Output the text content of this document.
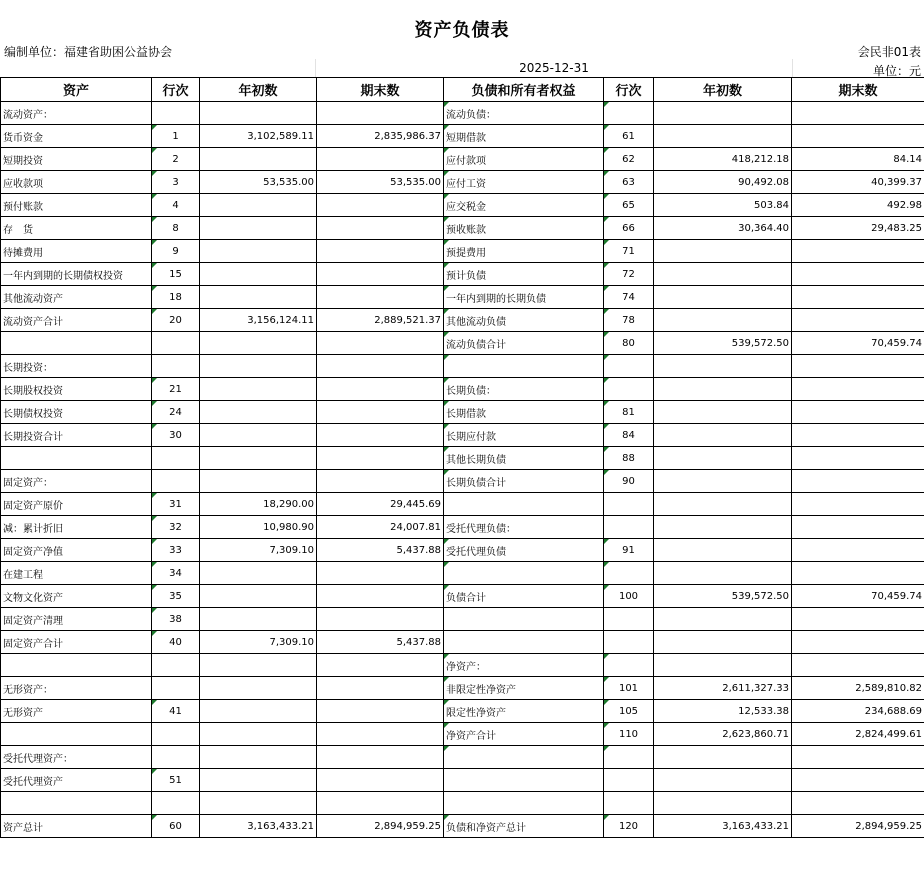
资产负债表
编制单位：福建省助困公益协会	会民非01表
2025-12-31	单位：元
资产	行次	年初数	期末数	负债和所有者权益	行次	年初数	期末数
流动资产：				流动负债：			
货币资金	1	3,102,589.11	2,835,986.37	短期借款	61		
短期投资	2			应付款项	62	418,212.18	84.14
应收款项	3	53,535.00	53,535.00	应付工资	63	90,492.08	40,399.37
预付账款	4			应交税金	65	503.84	492.98
存　货	8			预收账款	66	30,364.40	29,483.25
待摊费用	9			预提费用	71		
一年内到期的长期债权投资	15			预计负债	72		
其他流动资产	18			一年内到期的长期负债	74		
流动资产合计	20	3,156,124.11	2,889,521.37	其他流动负债	78		
				流动负债合计	80	539,572.50	70,459.74
长期投资：							
长期股权投资	21			长期负债：			
长期债权投资	24			长期借款	81		
长期投资合计	30			长期应付款	84		
				其他长期负债	88		
固定资产：				长期负债合计	90		
固定资产原价	31	18,290.00	29,445.69				
减：累计折旧	32	10,980.90	24,007.81	受托代理负债：			
固定资产净值	33	7,309.10	5,437.88	受托代理负债	91		
在建工程	34						
文物文化资产	35			负债合计	100	539,572.50	70,459.74
固定资产清理	38						
固定资产合计	40	7,309.10	5,437.88				
				净资产：			
无形资产：				非限定性净资产	101	2,611,327.33	2,589,810.82
无形资产	41			限定性净资产	105	12,533.38	234,688.69
				净资产合计	110	2,623,860.71	2,824,499.61
受托代理资产：							
受托代理资产	51						

资产总计	60	3,163,433.21	2,894,959.25	负债和净资产总计	120	3,163,433.21	2,894,959.25
